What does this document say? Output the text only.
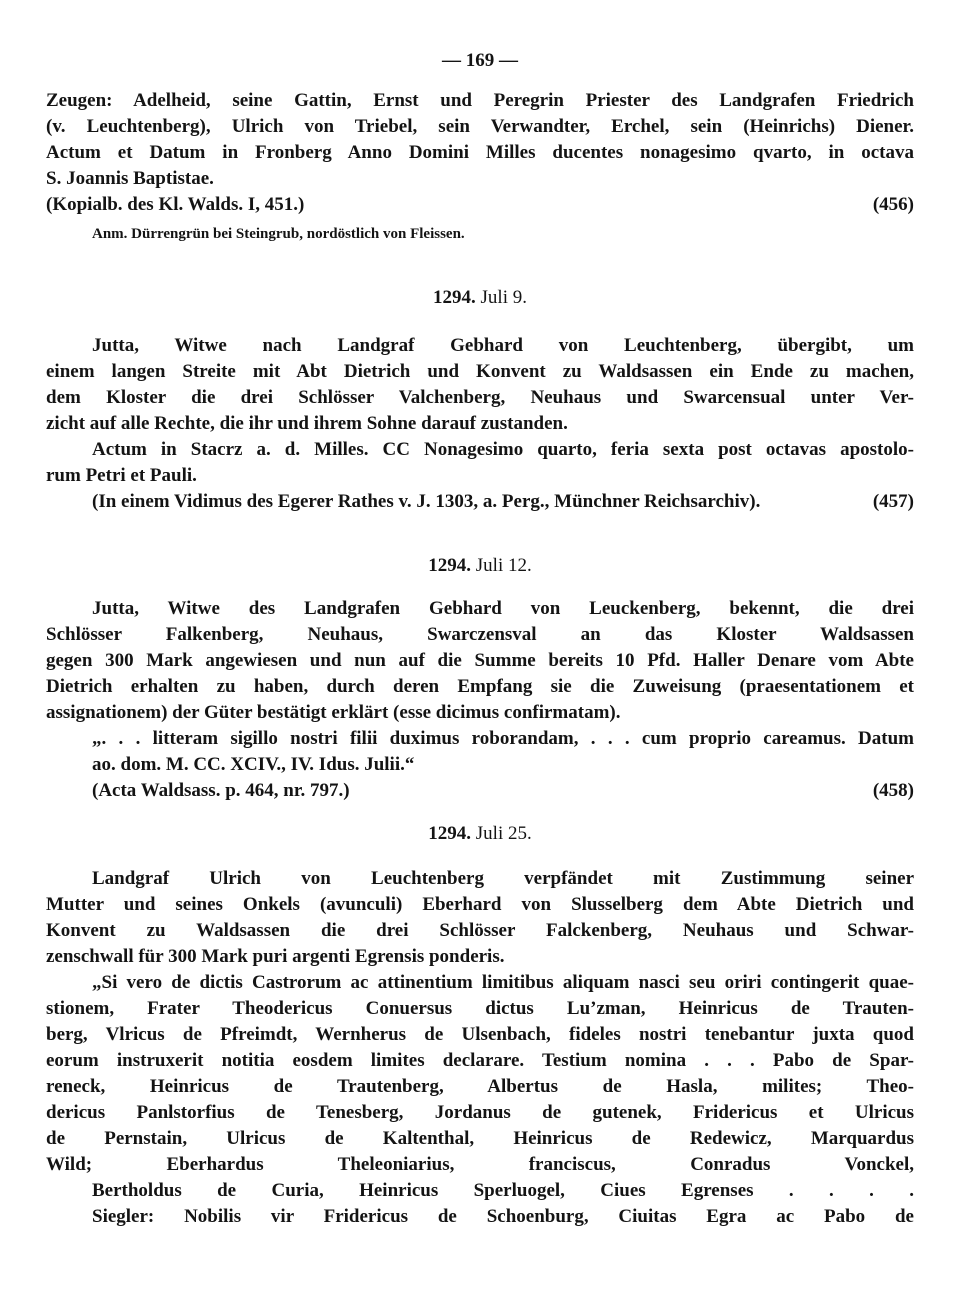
— 169 —
Zeugen: Adelheid, seine Gattin, Ernst und Peregrin Priester des Landgrafen Friedrich
(v. Leuchtenberg), Ulrich von Triebel, sein Verwandter, Erchel, sein (Heinrichs) Diener.
Actum et Datum in Fronberg Anno Domini Milles ducentes nonagesimo qvarto, in octava
S. Joannis Baptistae.
(Kopialb. des Kl. Walds. I, 451.)	(456)
Anm. Dürrengrün bei Steingrub, nordöstlich von Fleissen.
1294. Juli 9.
Jutta, Witwe nach Landgraf Gebhard von Leuchtenberg, übergibt, um
einem langen Streite mit Abt Dietrich und Konvent zu Waldsassen ein Ende zu machen,
dem Kloster die drei Schlösser Valchenberg, Neuhaus und Swarcensual unter Ver-
zicht auf alle Rechte, die ihr und ihrem Sohne darauf zustanden.
Actum in Stacrz a. d. Milles. CC Nonagesimo quarto, feria sexta post octavas apostolo-
rum Petri et Pauli.
(In einem Vidimus des Egerer Rathes v. J. 1303, a. Perg., Münchner Reichsarchiv).	(457)
1294. Juli 12.
Jutta, Witwe des Landgrafen Gebhard von Leuckenberg, bekennt, die drei
Schlösser Falkenberg, Neuhaus, Swarczensval an das Kloster Waldsassen
gegen 300 Mark angewiesen und nun auf die Summe bereits 10 Pfd. Haller Denare vom Abte
Dietrich erhalten zu haben, durch deren Empfang sie die Zuweisung (praesentationem et
assignationem) der Güter bestätigt erklärt (esse dicimus confirmatam).
„. . . litteram sigillo nostri filii duximus roborandam, . . . cum proprio careamus. Datum
ao. dom. M. CC. XCIV., IV. Idus. Julii.“
(Acta Waldsass. p. 464, nr. 797.)	(458)
1294. Juli 25.
Landgraf Ulrich von Leuchtenberg verpfändet mit Zustimmung seiner
Mutter und seines Onkels (avunculi) Eberhard von Slusselberg dem Abte Dietrich und
Konvent zu Waldsassen die drei Schlösser Falckenberg, Neuhaus und Schwar-
zenschwall für 300 Mark puri argenti Egrensis ponderis.
„Si vero de dictis Castrorum ac attinentium limitibus aliquam nasci seu oriri contingerit quae-
stionem, Frater Theodericus Conuersus dictus Lu’zman, Heinricus de Trauten-
berg, Vlricus de Pfreimdt, Wernherus de Ulsenbach, fideles nostri tenebantur juxta quod
eorum instruxerit notitia eosdem limites declarare. Testium nomina . . . Pabo de Spar-
reneck, Heinricus de Trautenberg, Albertus de Hasla, milites; Theo-
dericus Panlstorfius de Tenesberg, Jordanus de gutenek, Fridericus et Ulricus
de Pernstain, Ulricus de Kaltenthal, Heinricus de Redewicz, Marquardus
Wild; Eberhardus Theleoniarius, franciscus, Conradus Vonckel,
Bertholdus de Curia, Heinricus Sperluogel, Ciues Egrenses . . . .
Siegler: Nobilis vir Fridericus de Schoenburg, Ciuitas Egra ac Pabo de
